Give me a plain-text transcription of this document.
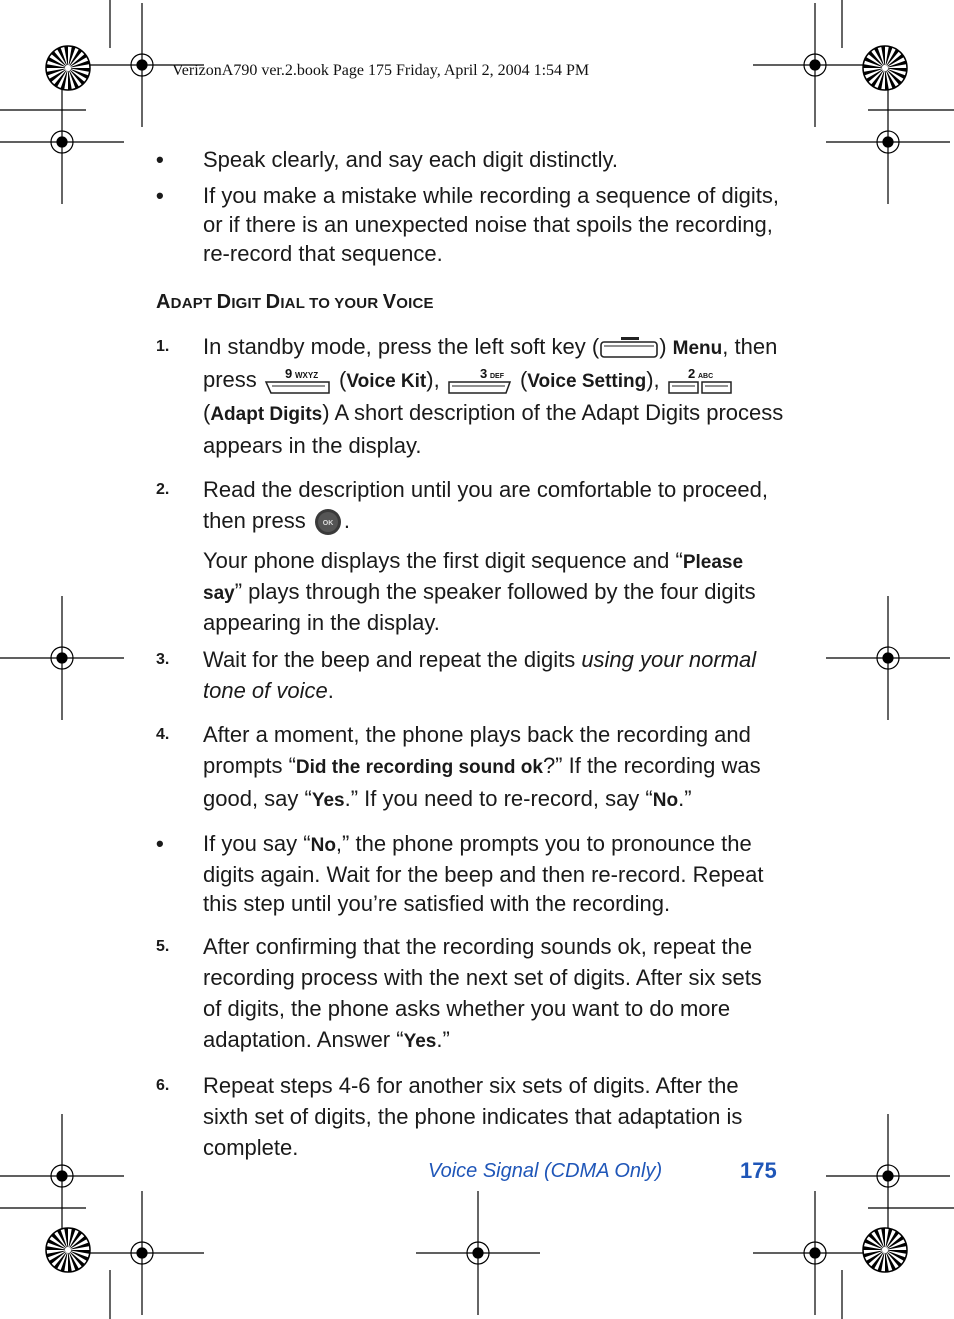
VerizonA790 ver.2.book Page 175 Friday, April 2, 2004 1:54 PM
•	Speak clearly, and say each digit distinctly.
•	If you make a mistake while recording a sequence of digits, or if there is an unexpected noise that spoils the recording, re-record that sequence.
ADAPT DIGIT DIAL TO YOUR VOICE
1.	In standby mode, press the left soft key (	) Menu, then press 9 WXYZ (Voice Kit),	3 DEF (Voice Setting), 2 ABC
(Adapt Digits) A short description of the Adapt Digits process appears in the display.
2.	Read the description until you are comfortable to proceed, then press OK .
Your phone displays the first digit sequence and “Please say” plays through the speaker followed by the four digits appearing in the display.
3.	Wait for the beep and repeat the digits using your normal tone of voice.
4.	After a moment, the phone plays back the recording and prompts “Did the recording sound ok?” If the recording was good, say “Yes.” If you need to re-record, say “No.”
•	If you say “No,” the phone prompts you to pronounce the digits again. Wait for the beep and then re-record. Repeat this step until you’re satisfied with the recording.
5.	After confirming that the recording sounds ok, repeat the recording process with the next set of digits. After six sets of digits, the phone asks whether you want to do more adaptation. Answer “Yes.”
6.	Repeat steps 4-6 for another six sets of digits. After the sixth set of digits, the phone indicates that adaptation is complete.
Voice Signal (CDMA Only)	175
